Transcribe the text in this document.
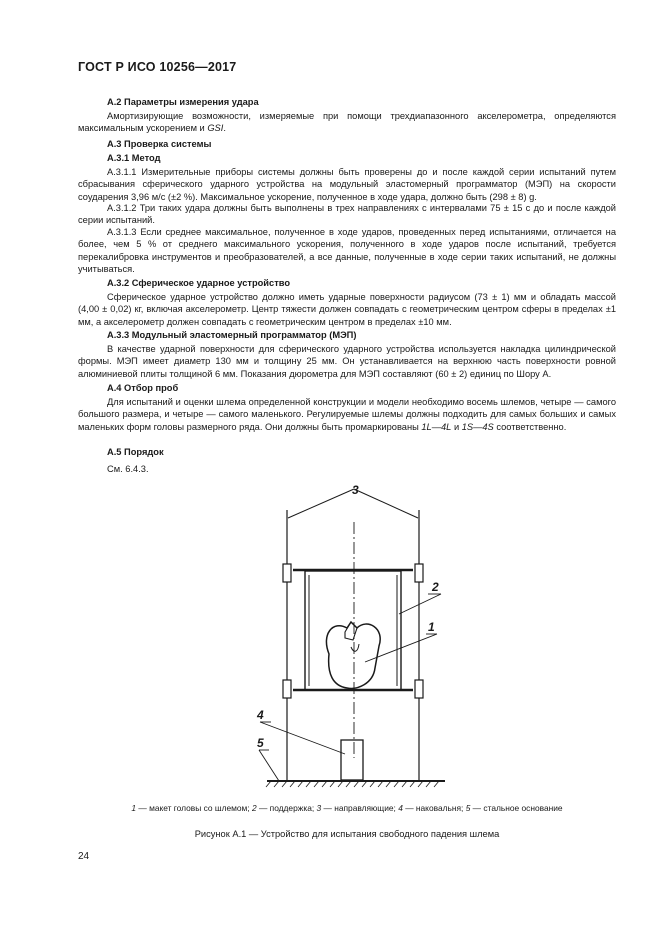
ГОСТ Р ИСО 10256—2017
А.2 Параметры измерения удара
Амортизирующие возможности, измеряемые при помощи трехдиапазонного акселерометра, определяются максимальным ускорением и GSI.
А.3 Проверка системы
А.3.1 Метод
А.3.1.1 Измерительные приборы системы должны быть проверены до и после каждой серии испытаний путем сбрасывания сферического ударного устройства на модульный эластомерный программатор (МЭП) на скорости соударения 3,96 м/с (±2 %). Максимальное ускорение, полученное в ходе удара, должно быть (298 ± 8) g.
А.3.1.2 Три таких удара должны быть выполнены в трех направлениях с интервалами 75 ± 15 с до и после каждой серии испытаний.
А.3.1.3 Если среднее максимальное, полученное в ходе ударов, проведенных перед испытаниями, отличается на более, чем 5 % от среднего максимального ускорения, полученного в ходе ударов после испытаний, требуется перекалибровка инструментов и преобразователей, а все данные, полученные в ходе серии таких испытаний, не должны учитываться.
А.3.2 Сферическое ударное устройство
Сферическое ударное устройство должно иметь ударные поверхности радиусом (73 ± 1) мм и обладать массой (4,00 ± 0,02) кг, включая акселерометр. Центр тяжести должен совпадать с геометрическим центром сферы в пределах ±1 мм, а акселерометр должен совпадать с геометрическим центром в пределах ±10 мм.
А.3.3 Модульный эластомерный программатор (МЭП)
В качестве ударной поверхности для сферического ударного устройства используется накладка цилиндрической формы. МЭП имеет диаметр 130 мм и толщину 25 мм. Он устанавливается на верхнюю часть поверхности ровной алюминиевой плиты толщиной 6 мм. Показания дюрометра для МЭП составляют (60 ± 2) единиц по Шору А.
А.4 Отбор проб
Для испытаний и оценки шлема определенной конструкции и модели необходимо восемь шлемов, четыре — самого большого размера, и четыре — самого маленького. Регулируемые шлемы должны подходить для самых больших и самых маленьких форм головы размерного ряда. Они должны быть промаркированы 1L—4L и 1S—4S соответственно.
А.5 Порядок
См. 6.4.3.
3
2
1
4
5
1 — макет головы со шлемом; 2 — поддержка; 3 — направляющие; 4 — наковальня; 5 — стальное основание
Рисунок А.1 — Устройство для испытания свободного падения шлема
24
